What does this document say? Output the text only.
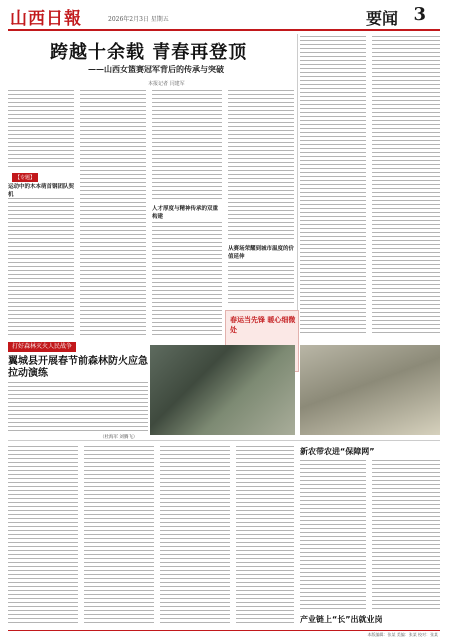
山西日報	2026年2月3日 星期五	要闻 3
跨越十余载 青春再登顶
——山西女篮赛冠军背后的传承与突破
本报记者 闫建军
【专题】
运动中的木本萌首钢团队契机
人才厚度与精神传承的双重构建
从赛场荣耀到城市温度的价值延伸
春运当先锋 暖心细微处
打好森林灭火人民战争
翼城县开展春节前森林防火应急拉动演练
（杜海军 刘腾飞）
新农带农进“保障网”
产业链上“长”出就业岗
本版编辑：张某 美编：张某 校对：张某
